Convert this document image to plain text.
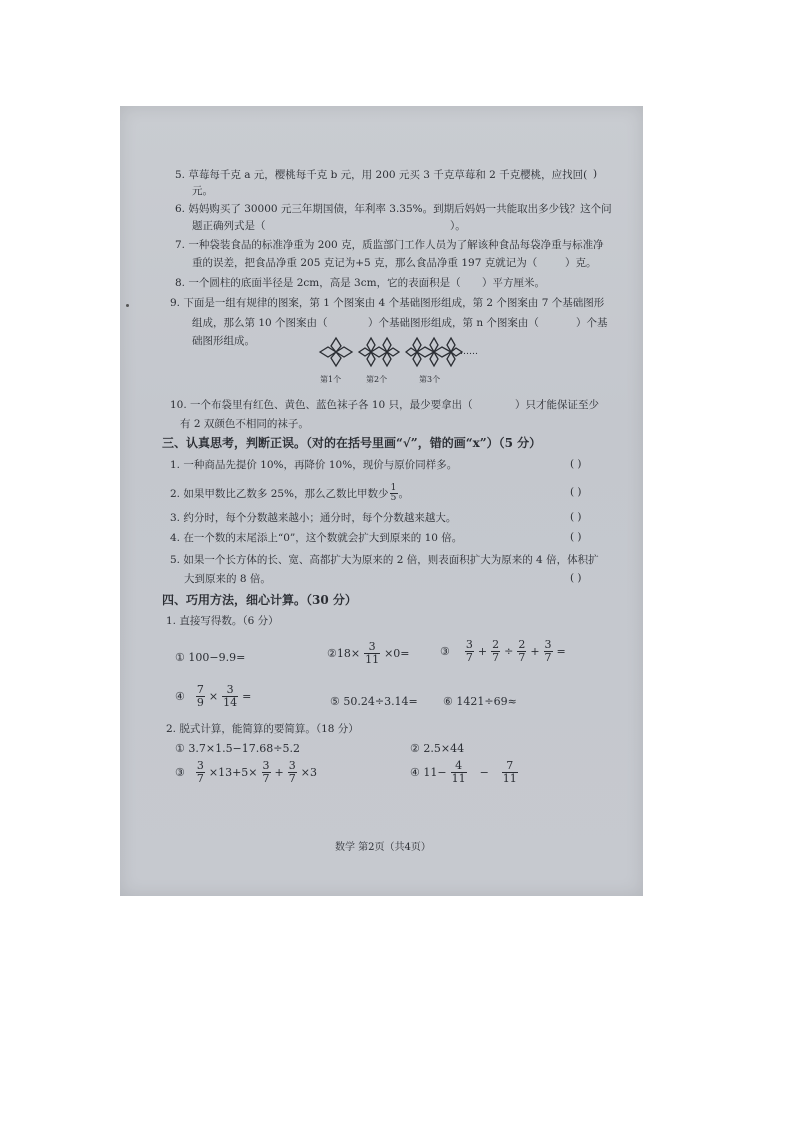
5. 草莓每千克 a 元，樱桃每千克 b 元，用 200 元买 3 千克草莓和 2 千克樱桃，应找回( )
元。
6. 妈妈购买了 30000 元三年期国债，年利率 3.35%。到期后妈妈一共能取出多少钱？这个问
题正确列式是（	）。
7. 一种袋装食品的标准净重为 200 克，质监部门工作人员为了解该种食品每袋净重与标准净
重的误差，把食品净重 205 克记为+5 克，那么食品净重 197 克就记为（	）克。
8. 一个圆柱的底面半径是 2cm，高是 3cm，它的表面积是（ ）平方厘米。
9. 下面是一组有规律的图案，第 1 个图案由 4 个基础图形组成，第 2 个图案由 7 个基础图形
组成，那么第 10 个图案由（	）个基础图形组成，第 n 个图案由（	）个基
础图形组成。
……
第1个	第2个	第3个
10. 一个布袋里有红色、黄色、蓝色袜子各 10 只，最少要拿出（	）只才能保证至少
有 2 双颜色不相同的袜子。
三、认真思考，判断正误。（对的在括号里画“√”，错的画“x”）（5 分）
1. 一种商品先提价 10%，再降价 10%，现价与原价同样多。	( )
2. 如果甲数比乙数多 25%，那么乙数比甲数少 $\frac{1}{5}$ 。	( )
3. 约分时，每个分数越来越小；通分时，每个分数越来越大。	( )
4. 在一个数的末尾添上“0”，这个数就会扩大到原来的 10 倍。	( )
5. 如果一个长方体的长、宽、高都扩大为原来的 2 倍，则表面积扩大为原来的 4 倍，体积扩
大到原来的 8 倍。	( )
四、巧用方法，细心计算。（30 分）
1. 直接写得数。（6 分）
① 100−9.9=	②18× $\frac{3}{11} \times 0=$	③ $\frac{3}{7} + \frac{2}{7} \div \frac{2}{7} + \frac{3}{7}$ =
④ $\frac{7}{9} \times \frac{3}{14}$ =	⑤ 50.24÷3.14= ⑥ 1421÷69≈
2. 脱式计算，能简算的要简算。（18 分）
① 3.7×1.5−17.68÷5.2	② 2.5×44
③ $\frac{3}{7} \times 13+5\times \frac{3}{7} + \frac{3}{7} \times 3$	④ $11- \frac{4}{11} - \frac{7}{11}$
数学 第2页（共4页）
